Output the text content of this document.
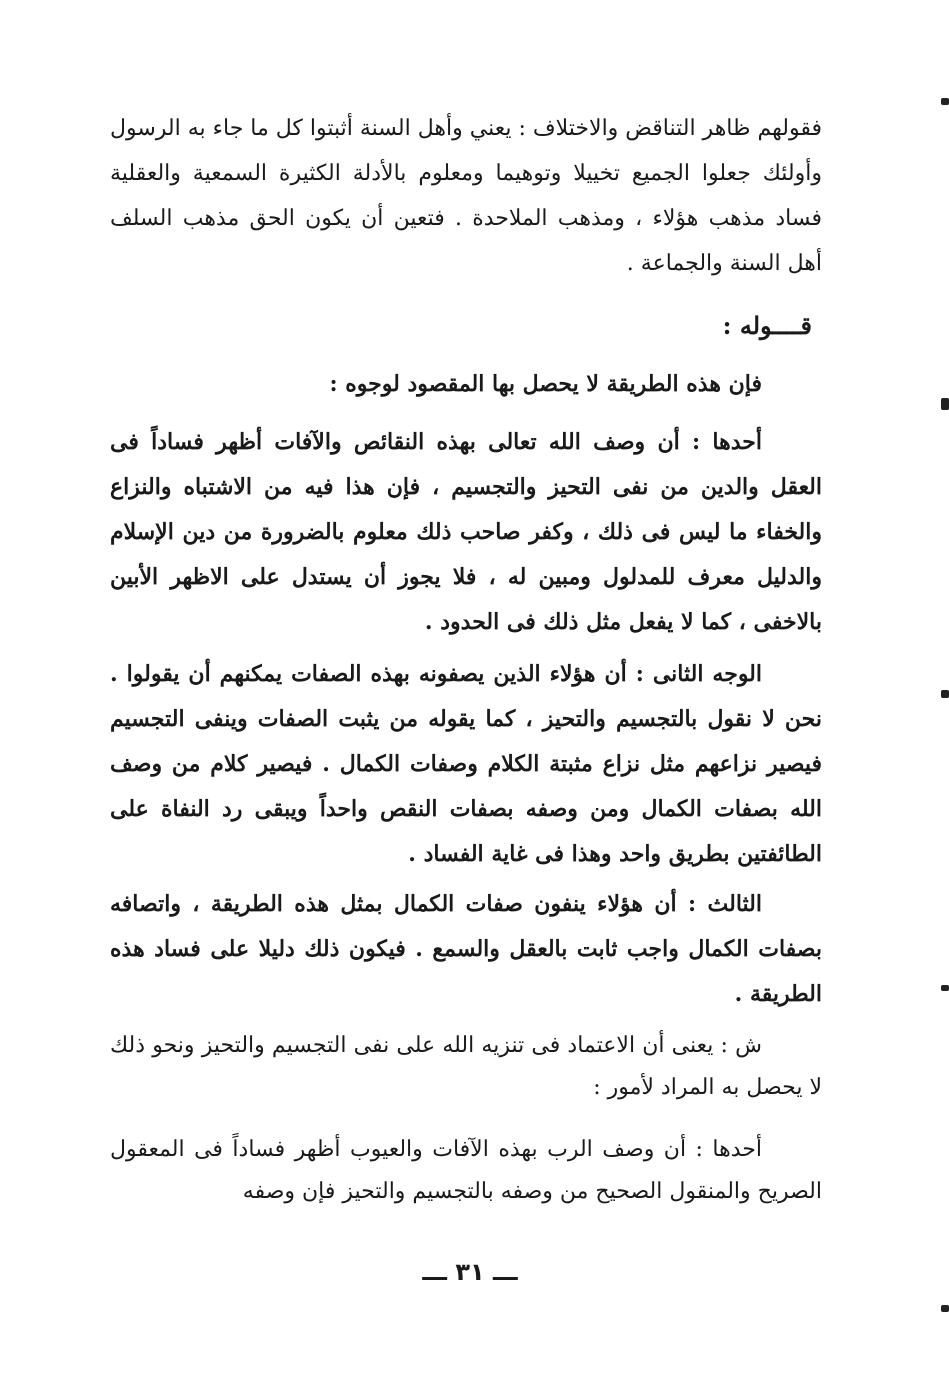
فقولهم ظاهر التناقض والاختلاف : يعني وأهل السنة أثبتوا كل ما جاء به الرسول وأولئك جعلوا الجميع تخييلا وتوهيما ومعلوم بالأدلة الكثيرة السمعية والعقلية فساد مذهب هؤلاء ، ومذهب الملاحدة . فتعين أن يكون الحق مذهب السلف أهل السنة والجماعة .

قــــوله :

فإن هذه الطريقة لا يحصل بها المقصود لوجوه :

أحدها : أن وصف الله تعالى بهذه النقائص والآفات أظهر فساداً فى العقل والدين من نفى التحيز والتجسيم ، فإن هذا فيه من الاشتباه والنزاع والخفاء ما ليس فى ذلك ، وكفر صاحب ذلك معلوم بالضرورة من دين الإسلام والدليل معرف للمدلول ومبين له ، فلا يجوز أن يستدل على الاظهر الأبين بالاخفى ، كما لا يفعل مثل ذلك فى الحدود .

الوجه الثانى : أن هؤلاء الذين يصفونه بهذه الصفات يمكنهم أن يقولوا . نحن لا نقول بالتجسيم والتحيز ، كما يقوله من يثبت الصفات وينفى التجسيم فيصير نزاعهم مثل نزاع مثبتة الكلام وصفات الكمال . فيصير كلام من وصف الله بصفات الكمال ومن وصفه بصفات النقص واحداً ويبقى رد النفاة على الطائفتين بطريق واحد وهذا فى غاية الفساد .

الثالث : أن هؤلاء ينفون صفات الكمال بمثل هذه الطريقة ، واتصافه بصفات الكمال واجب ثابت بالعقل والسمع . فيكون ذلك دليلا على فساد هذه الطريقة .

ش : يعنى أن الاعتماد فى تنزيه الله على نفى التجسيم والتحيز ونحو ذلك لا يحصل به المراد لأمور :

أحدها : أن وصف الرب بهذه الآفات والعيوب أظهر فساداً فى المعقول الصريح والمنقول الصحيح من وصفه بالتجسيم والتحيز فإن وصفه

ـــ ٣١ ـــ
